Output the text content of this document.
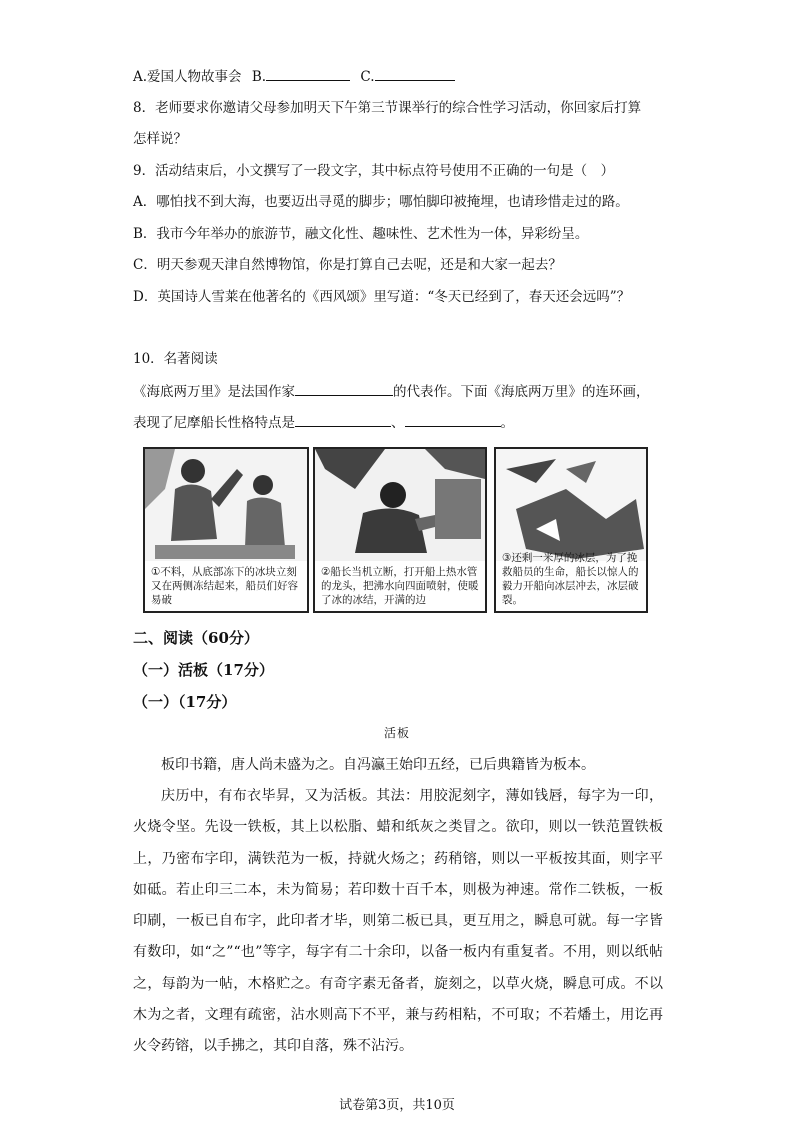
A.爱国人物故事会 B.	C.
8．老师要求你邀请父母参加明天下午第三节课举行的综合性学习活动，你回家后打算
怎样说？
9．活动结束后，小文撰写了一段文字，其中标点符号使用不正确的一句是（　）
A．哪怕找不到大海，也要迈出寻觅的脚步；哪怕脚印被掩埋，也请珍惜走过的路。
B．我市今年举办的旅游节，融文化性、趣味性、艺术性为一体，异彩纷呈。
C．明天参观天津自然博物馆，你是打算自己去呢，还是和大家一起去？
D．英国诗人雪莱在他著名的《西风颂》里写道：“冬天已经到了，春天还会远吗”？
10．名著阅读
《海底两万里》是法国作家	的代表作。下面《海底两万里》的连环画，
表现了尼摩船长性格特点是	、	。
①不料，从底部冻下的冰块立刻又在两侧冻结起来，船员们好容易破
②船长当机立断，打开船上热水管的龙头，把沸水向四面喷射，使暖了冰的冰结，开满的边
③还剩一米厚的冰层，为了挽救船员的生命，船长以惊人的毅力开船向冰层冲去，冰层破裂。
二、阅读（60分）
（一）活板（17分）
（一）（17分）
活板

板印书籍，唐人尚未盛为之。自冯瀛王始印五经，已后典籍皆为板本。

庆历中，有布衣毕昇，又为活板。其法：用胶泥刻字，薄如钱唇，每字为一印，火烧令坚。先设一铁板，其上以松脂、蜡和纸灰之类冒之。欲印，则以一铁范置铁板上，乃密布字印，满铁范为一板，持就火炀之；药稍镕，则以一平板按其面，则字平如砥。若止印三二本，未为简易；若印数十百千本，则极为神速。常作二铁板，一板印刷，一板已自布字，此印者才毕，则第二板已具，更互用之，瞬息可就。每一字皆有数印，如“之”“也”等字，每字有二十余印，以备一板内有重复者。不用，则以纸帖之，每韵为一帖，木格贮之。有奇字素无备者，旋刻之，以草火烧，瞬息可成。不以木为之者，文理有疏密，沾水则高下不平，兼与药相粘，不可取；不若燔土，用讫再火令药镕，以手拂之，其印自落，殊不沾污。

试卷第3页，共10页
